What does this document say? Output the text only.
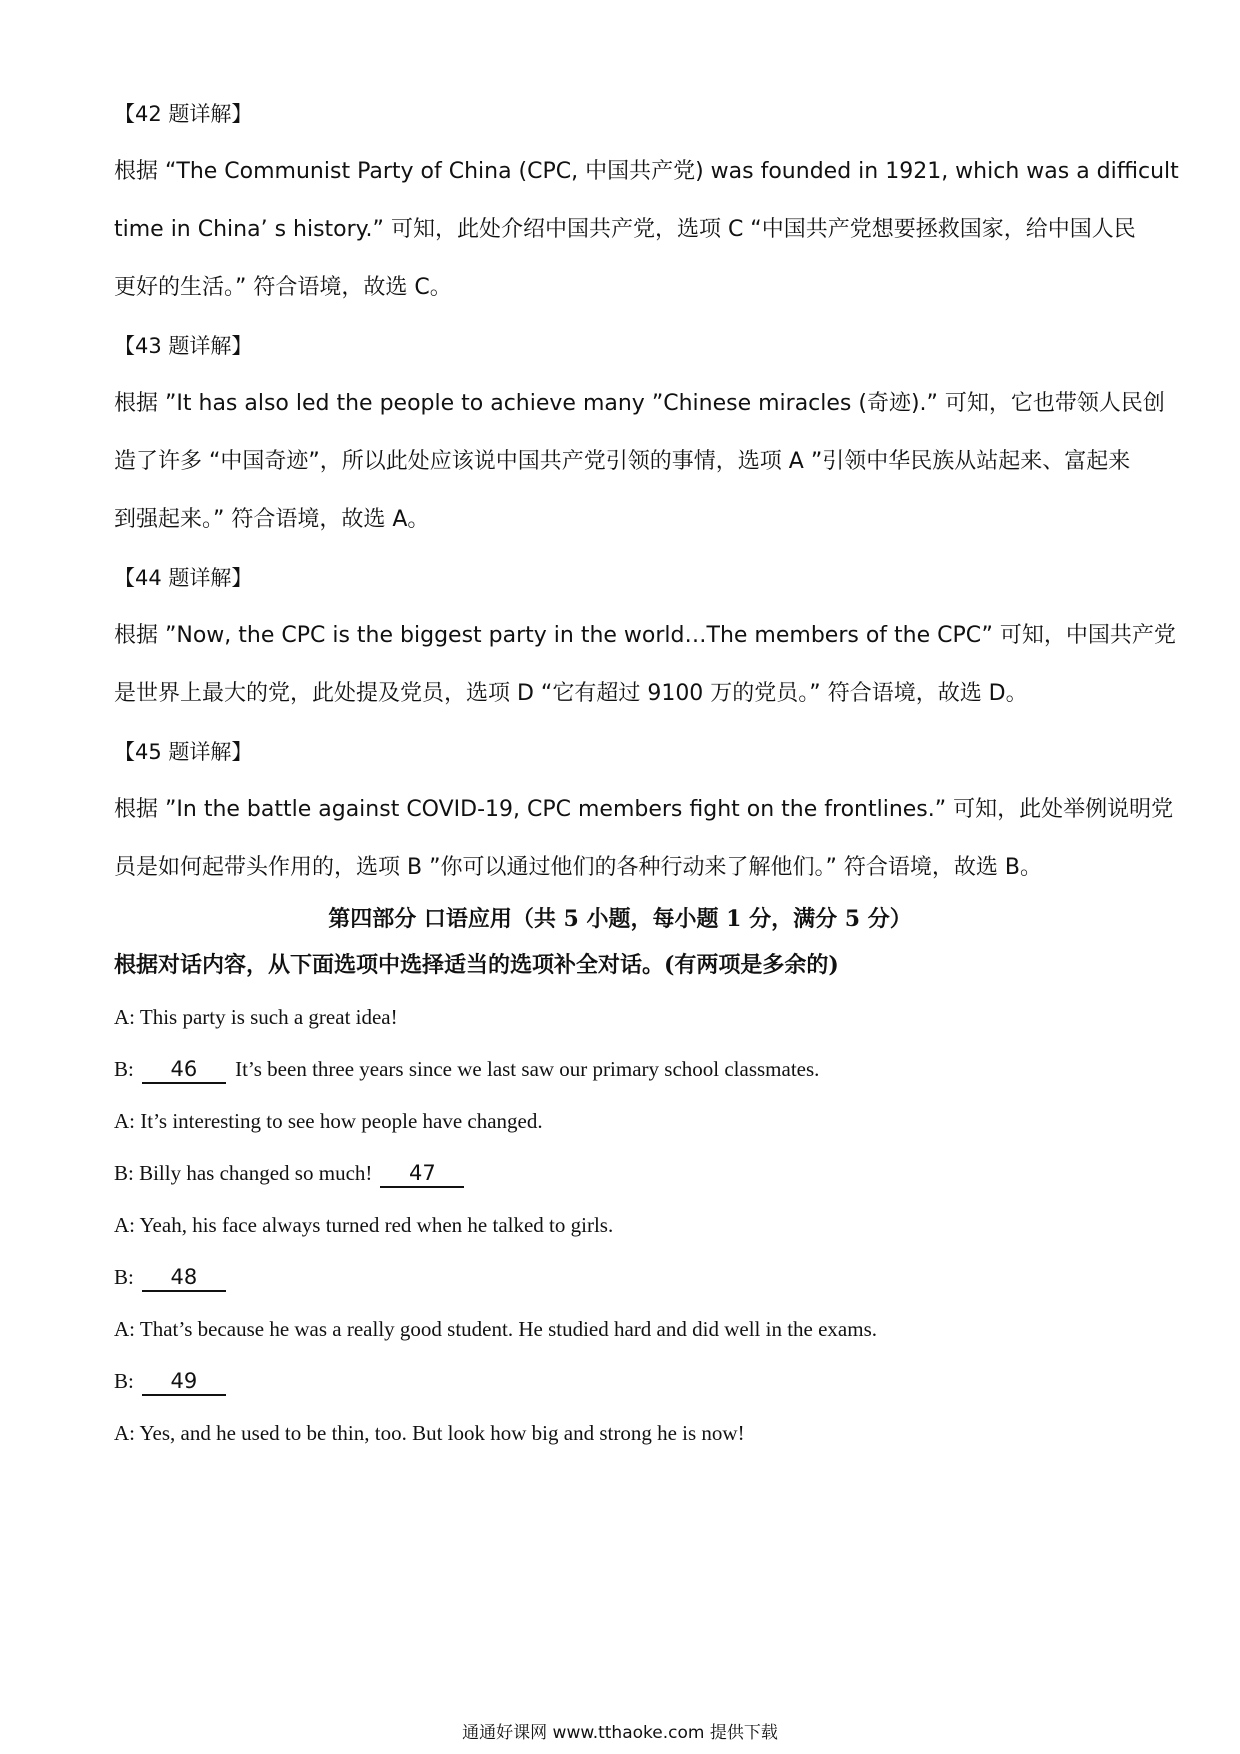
【42 题详解】
根据 “The Communist Party of China (CPC, 中国共产党) was founded in 1921, which was a difficult
time in China’ s history.” 可知，此处介绍中国共产党，选项 C “中国共产党想要拯救国家，给中国人民
更好的生活。” 符合语境，故选 C。
【43 题详解】
根据 ”It has also led the people to achieve many ”Chinese miracles (奇迹).” 可知，它也带领人民创
造了许多 “中国奇迹”，所以此处应该说中国共产党引领的事情，选项 A ”引领中华民族从站起来、富起来
到强起来。” 符合语境，故选 A。
【44 题详解】
根据 ”Now, the CPC is the biggest party in the world…The members of the CPC” 可知，中国共产党
是世界上最大的党，此处提及党员，选项 D “它有超过 9100 万的党员。” 符合语境，故选 D。
【45 题详解】
根据 ”In the battle against COVID-19, CPC members fight on the frontlines.” 可知，此处举例说明党
员是如何起带头作用的，选项 B ”你可以通过他们的各种行动来了解他们。” 符合语境，故选 B。
第四部分 口语应用（共 5 小题，每小题 1 分，满分 5 分）
根据对话内容，从下面选项中选择适当的选项补全对话。(有两项是多余的)
A: This party is such a great idea!
B: 46 It’s been three years since we last saw our primary school classmates.
A: It’s interesting to see how people have changed.
B: Billy has changed so much! 47
A: Yeah, his face always turned red when he talked to girls.
B: 48
A: That’s because he was a really good student. He studied hard and did well in the exams.
B: 49
A: Yes, and he used to be thin, too. But look how big and strong he is now!
通通好课网 www.tthaoke.com 提供下载
